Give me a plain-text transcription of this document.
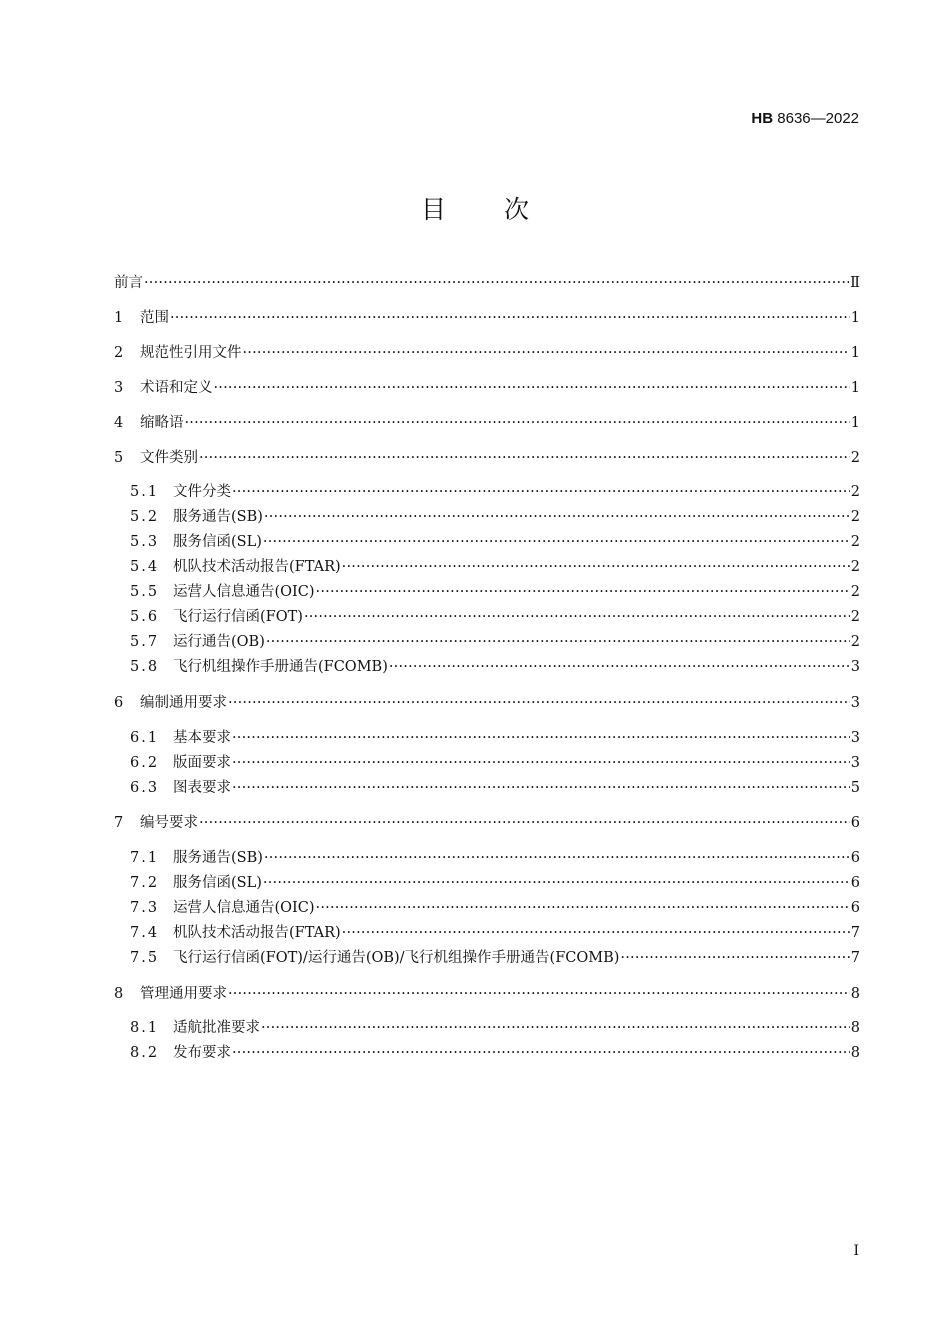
HB 8636—2022
目次
前言 ·····	Ⅱ
1	范围 ·····	1
2	规范性引用文件 ·····	1
3	术语和定义 ·····	1
4	缩略语 ·····	1
5	文件类别 ·····	2
5.1 文件分类 ·····	2
5.2 服务通告(SB) ·····	2
5.3 服务信函(SL) ·····	2
5.4 机队技术活动报告(FTAR) ·····	2
5.5 运营人信息通告(OIC) ·····	2
5.6 飞行运行信函(FOT) ·····	2
5.7 运行通告(OB) ·····	2
5.8 飞行机组操作手册通告(FCOMB) ·····	3
6	编制通用要求 ·····	3
6.1 基本要求 ·····	3
6.2 版面要求 ·····	3
6.3 图表要求 ·····	5
7	编号要求 ·····	6
7.1 服务通告(SB) ·····	6
7.2 服务信函(SL) ·····	6
7.3 运营人信息通告(OIC) ·····	6
7.4 机队技术活动报告(FTAR) ·····	7
7.5 飞行运行信函(FOT)/运行通告(OB)/飞行机组操作手册通告(FCOMB) ·····	7
8	管理通用要求 ·····	8
8.1 适航批准要求 ·····	8
8.2 发布要求 ·····	8
I
